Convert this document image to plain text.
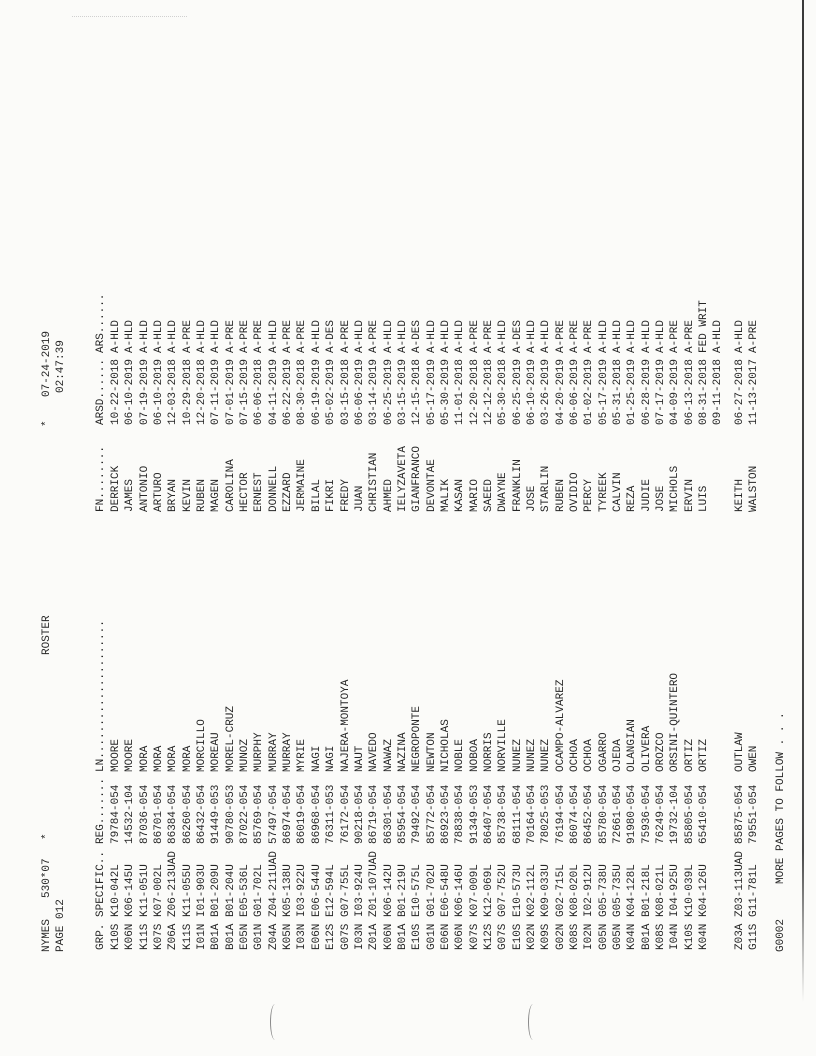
NYMES
530*07
*
ROSTER
*
07-24-2019
PAGE 012
02:47:39
GRP.
SPECIFIC..
REG.......
LN.....................
FN........
ARSD......
ARS......
K10S
K10-042L
79784-054
MOORE
DERRICK
10-22-2018
A-HLD
K06N
K06-145U
14532-104
MOORE
JAMES
06-10-2019
A-HLD
K11S
K11-051U
87036-054
MORA
ANTONIO
07-19-2019
A-HLD
K07S
K07-002L
86701-054
MORA
ARTURO
06-10-2019
A-HLD
Z06A
Z06-213UAD
86384-054
MORA
BRYAN
12-03-2018
A-HLD
K11S
K11-055U
86260-054
MORA
KEVIN
10-29-2018
A-PRE
I01N
I01-903U
86432-054
MORCILLO
RUBEN
12-20-2018
A-HLD
B01A
B01-209U
91449-053
MOREAU
MAGEN
07-11-2019
A-HLD
B01A
B01-204U
90780-053
MOREL-CRUZ
CAROLINA
07-01-2019
A-PRE
E05N
E05-536L
87022-054
MUNOZ
HECTOR
07-15-2019
A-PRE
G01N
G01-702L
85769-054
MURPHY
ERNEST
06-06-2018
A-PRE
Z04A
Z04-211UAD
57497-054
MURRAY
DONNELL
04-11-2019
A-HLD
K05N
K05-138U
86974-054
MURRAY
EZZARD
06-22-2019
A-PRE
I03N
I03-922U
86019-054
MYRIE
JERMAINE
08-30-2018
A-PRE
E06N
E06-544U
86968-054
NAGI
BILAL
06-19-2019
A-HLD
E12S
E12-594L
76311-053
NAGI
FIKRI
05-02-2019
A-DES
G07S
G07-755L
76172-054
NAJERA-MONTOYA
FREDY
03-15-2018
A-PRE
I03N
I03-924U
90218-054
NAUT
JUAN
06-06-2019
A-HLD
Z01A
Z01-107UAD
86719-054
NAVEDO
CHRISTIAN
03-14-2019
A-PRE
K06N
K06-142U
86301-054
NAWAZ
AHMED
06-25-2019
A-HLD
B01A
B01-219U
85954-054
NAZINA
IELYZAVETA
03-15-2019
A-HLD
E10S
E10-575L
79492-054
NEGROPONTE
GIANFRANCO
12-15-2018
A-DES
G01N
G01-702U
85772-054
NEWTON
DEVONTAE
05-17-2019
A-HLD
E06N
E06-548U
86923-054
NICHOLAS
MALIK
05-30-2019
A-HLD
K06N
K06-146U
78838-054
NOBLE
KASAN
11-01-2018
A-HLD
K07S
K07-009L
91349-053
NOBOA
MARIO
12-20-2018
A-PRE
K12S
K12-069L
86407-054
NORRIS
SAEED
12-12-2018
A-PRE
G07S
G07-752U
85738-054
NORVILLE
DWAYNE
05-30-2018
A-HLD
E10S
E10-573U
68111-054
NUNEZ
FRANKLIN
06-25-2019
A-DES
K02N
K02-112L
70164-054
NUNEZ
JOSE
06-10-2019
A-HLD
K09S
K09-033U
78025-053
NUNEZ
STARLIN
03-26-2019
A-HLD
G02N
G02-715L
76194-054
OCAMPO-ALVAREZ
RUBEN
04-20-2019
A-PRE
K08S
K08-020L
86074-054
OCHOA
OVIDIO
06-06-2019
A-PRE
I02N
I02-912U
86452-054
OCHOA
PERCY
01-02-2019
A-PRE
G05N
G05-738U
85780-054
OGARRO
TYREEK
05-17-2019
A-HLD
G05N
G05-735U
72661-054
OJEDA
CALVIN
05-31-2018
A-HLD
K04N
K04-128L
91980-054
OLANGIAN
REZA
01-25-2019
A-HLD
B01A
B01-218L
75936-054
OLIVERA
JUDIE
06-28-2019
A-HLD
K08S
K08-021L
76249-054
OROZCO
JOSE
07-17-2019
A-HLD
I04N
I04-925U
19732-104
ORSINI-QUINTERO
MICHOLS
04-09-2019
A-PRE
K10S
K10-039L
85805-054
ORTIZ
ERVIN
06-13-2018
A-PRE
K04N
K04-126U
65410-054
ORTIZ
LUIS
08-31-2018
FED WRIT
09-11-2018
A-HLD
Z03A
Z03-113UAD
85875-054
OUTLAW
KEITH
06-27-2018
A-HLD
G11S
G11-781L
79551-054
OWEN
WALSTON
11-13-2017
A-PRE
G0002
MORE PAGES TO FOLLOW . . .
